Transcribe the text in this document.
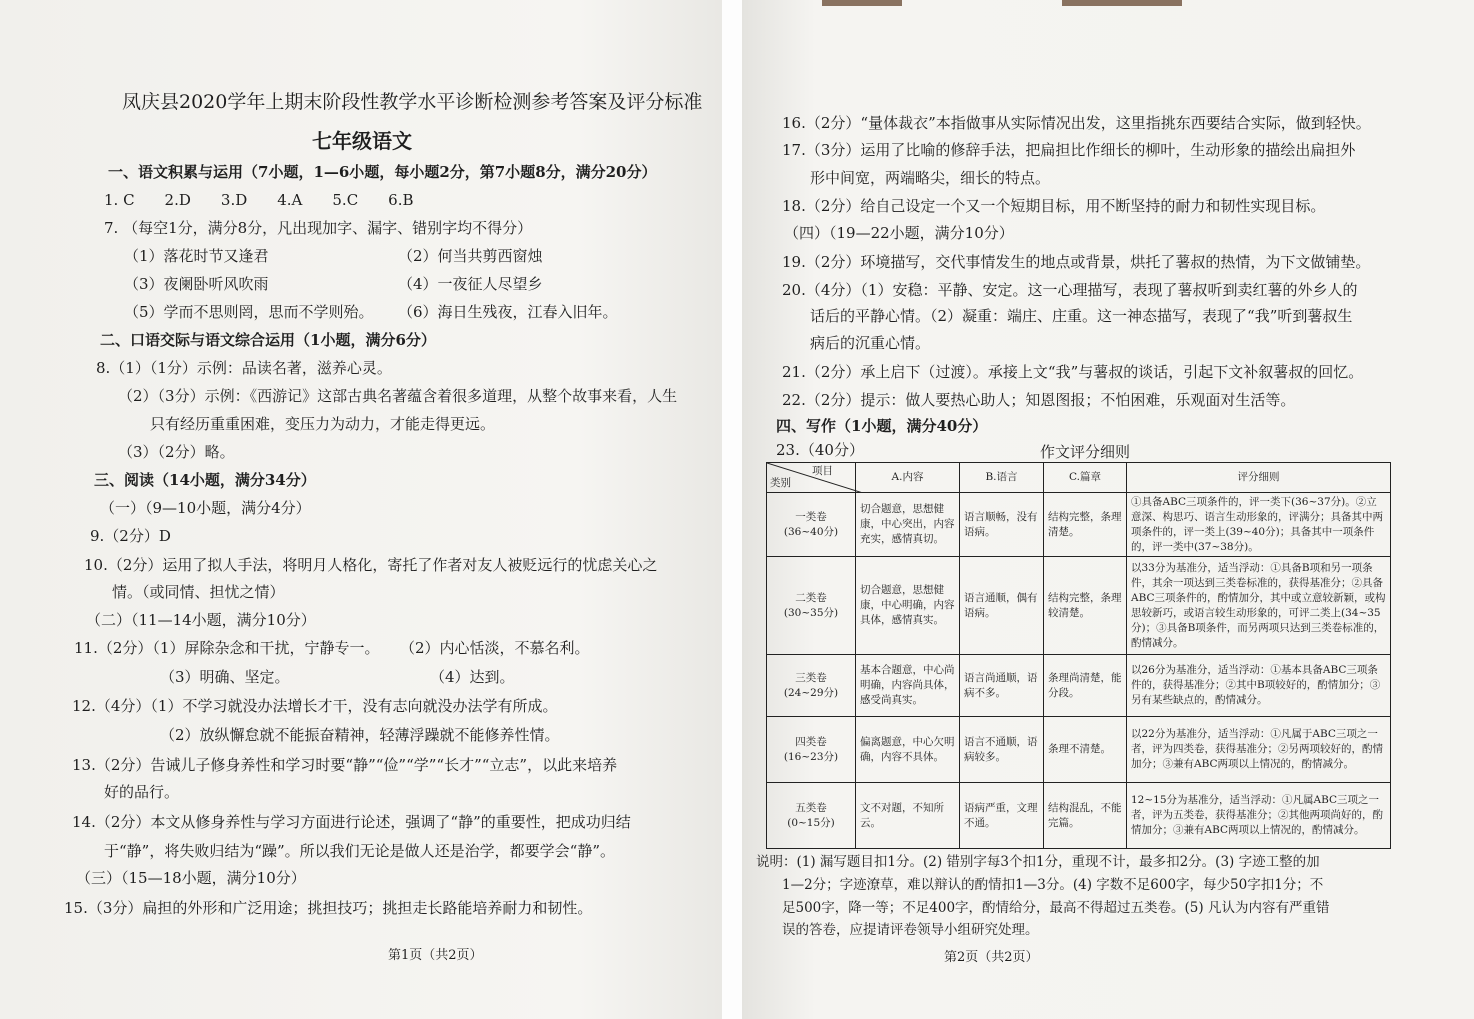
凤庆县2020学年上期末阶段性教学水平诊断检测参考答案及评分标准
七年级语文
一、语文积累与运用（7小题，1—6小题，每小题2分，第7小题8分，满分20分）
1. C　　2.D　　3.D　　4.A　　5.C　　6.B
7. （每空1分，满分8分，凡出现加字、漏字、错别字均不得分）
（1）落花时节又逢君	（2）何当共剪西窗烛
（3）夜阑卧听风吹雨	（4）一夜征人尽望乡
（5）学而不思则罔，思而不学则殆。 （6）海日生残夜，江春入旧年。
二、口语交际与语文综合运用（1小题，满分6分）
8.（1）（1分）示例：品读名著，滋养心灵。
（2）（3分）示例：《西游记》这部古典名著蕴含着很多道理，从整个故事来看，人生
只有经历重重困难，变压力为动力，才能走得更远。
（3）（2分）略。
三、阅读（14小题，满分34分）
（一）（9—10小题，满分4分）
9.（2分）D
10.（2分）运用了拟人手法，将明月人格化，寄托了作者对友人被贬远行的忧虑关心之
情。（或同情、担忧之情）
（二）（11—14小题，满分10分）
11.（2分）（1）屏除杂念和干扰，宁静专一。 （2）内心恬淡，不慕名利。
（3）明确、坚定。	（4）达到。
12.（4分）（1）不学习就没办法增长才干，没有志向就没办法学有所成。
（2）放纵懈怠就不能振奋精神，轻薄浮躁就不能修养性情。
13.（2分）告诫儿子修身养性和学习时要“静”“俭”“学”“长才”“立志”，以此来培养
好的品行。
14.（2分）本文从修身养性与学习方面进行论述，强调了“静”的重要性，把成功归结
于“静”，将失败归结为“躁”。所以我们无论是做人还是治学，都要学会“静”。
（三）（15—18小题，满分10分）
15.（3分）扁担的外形和广泛用途；挑担技巧；挑担走长路能培养耐力和韧性。
第1页（共2页）
16.（2分）“量体裁衣”本指做事从实际情况出发，这里指挑东西要结合实际，做到轻快。
17.（3分）运用了比喻的修辞手法，把扁担比作细长的柳叶，生动形象的描绘出扁担外
形中间宽，两端略尖，细长的特点。
18.（2分）给自己设定一个又一个短期目标，用不断坚持的耐力和韧性实现目标。
（四）（19—22小题，满分10分）
19.（2分）环境描写，交代事情发生的地点或背景，烘托了薯叔的热情，为下文做铺垫。
20.（4分）（1）安稳：平静、安定。这一心理描写，表现了薯叔听到卖红薯的外乡人的
话后的平静心情。（2）凝重：端庄、庄重。这一神态描写，表现了“我”听到薯叔生
病后的沉重心情。
21.（2分）承上启下（过渡）。承接上文“我”与薯叔的谈话，引起下文补叙薯叔的回忆。
22.（2分）提示：做人要热心助人；知恩图报；不怕困难，乐观面对生活等。
四、写作（1小题，满分40分）
23.（40分）	作文评分细则
第2页（共2页）
说明：(1) 漏写题目扣1分。(2) 错别字每3个扣1分，重现不计，最多扣2分。(3) 字迹工整的加
1—2分；字迹潦草，难以辩认的酌情扣1—3分。(4) 字数不足600字，每少50字扣1分；不
足500字，降一等；不足400字，酌情给分，最高不得超过五类卷。(5) 凡认为内容有严重错
误的答卷，应提请评卷领导小组研究处理。
项目
类别	A.内容	B.语言	C.篇章	评分细则

一类卷
(36~40分)	切合题意，思想健康，中心突出，内容充实，感情真切。	语言顺畅，没有语病。	结构完整，条理清楚。	①具备ABC三项条件的，评一类下(36~37分)。②立意深、构思巧、语言生动形象的，评满分；具备其中两项条件的，评一类上(39~40分)；具备其中一项条件的，评一类中(37~38分)。

二类卷
(30~35分)	切合题意，思想健康，中心明确，内容具体，感情真实。	语言通顺，偶有语病。	结构完整，条理较清楚。	以33分为基准分，适当浮动：①具备B项和另一项条件，其余一项达到三类卷标准的，获得基准分；②具备ABC三项条件的，酌情加分，其中或立意较新颖，或构思较新巧，或语言较生动形象的，可评二类上(34~35分)；③具备B项条件，而另两项只达到三类卷标准的，酌情减分。

三类卷
(24~29分)	基本合题意，中心尚明确，内容尚具体，感受尚真实。	语言尚通顺，语病不多。	条理尚清楚，能分段。	以26分为基准分，适当浮动：①基本具备ABC三项条件的，获得基准分；②其中B项较好的，酌情加分；③另有某些缺点的，酌情减分。

四类卷
(16~23分)	偏离题意，中心欠明确，内容不具体。	语言不通顺，语病较多。	条理不清楚。	以22分为基准分，适当浮动：①凡属于ABC三项之一者，评为四类卷，获得基准分；②另两项较好的，酌情加分；③兼有ABC两项以上情况的，酌情减分。

五类卷
(0~15分)	文不对题，不知所云。	语病严重，文理不通。	结构混乱，不能完篇。	12~15分为基准分，适当浮动：①凡属ABC三项之一者，评为五类卷，获得基准分；②其他两项尚好的，酌情加分；③兼有ABC两项以上情况的，酌情减分。
